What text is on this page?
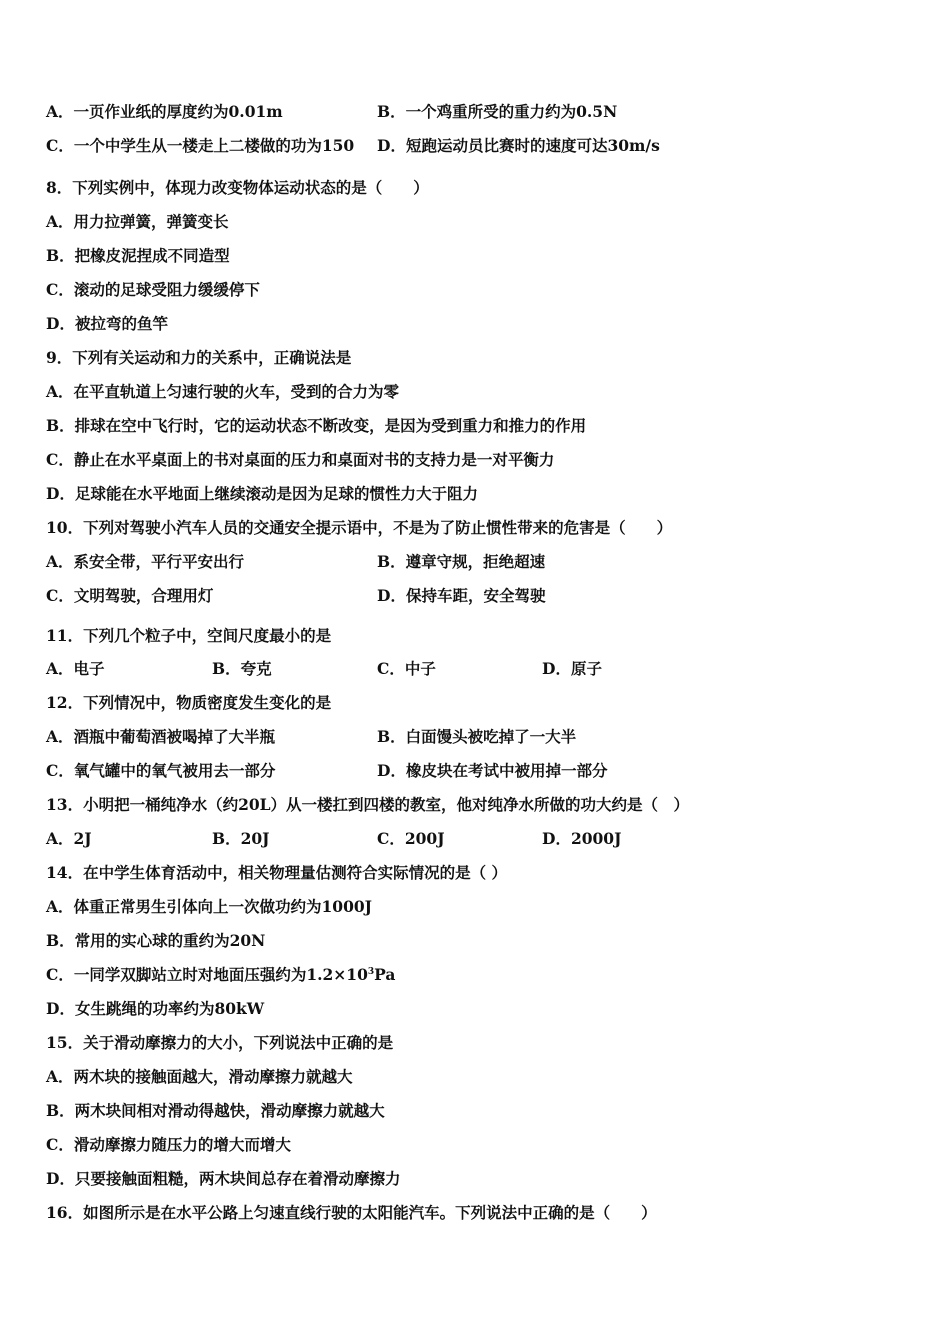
A．一页作业纸的厚度约为0.01m	B．一个鸡重所受的重力约为0.5N
C．一个中学生从一楼走上二楼做的功为150 D．短跑运动员比赛时的速度可达30m/s
8．下列实例中，体现力改变物体运动状态的是（　　）
A．用力拉弹簧，弹簧变长
B．把橡皮泥捏成不同造型
C．滚动的足球受阻力缓缓停下
D．被拉弯的鱼竿
9．下列有关运动和力的关系中，正确说法是
A．在平直轨道上匀速行驶的火车，受到的合力为零
B．排球在空中飞行时，它的运动状态不断改变，是因为受到重力和推力的作用
C．静止在水平桌面上的书对桌面的压力和桌面对书的支持力是一对平衡力
D．足球能在水平地面上继续滚动是因为足球的惯性力大于阻力
10．下列对驾驶小汽车人员的交通安全提示语中，不是为了防止惯性带来的危害是（　　）
A．系安全带，平行平安出行	B．遵章守规，拒绝超速
C．文明驾驶，合理用灯	D．保持车距，安全驾驶
11．下列几个粒子中，空间尺度最小的是
A．电子	B．夸克	C．中子	D．原子
12．下列情况中，物质密度发生变化的是
A．酒瓶中葡萄酒被喝掉了大半瓶	B．白面馒头被吃掉了一大半
C．氧气罐中的氧气被用去一部分	D．橡皮块在考试中被用掉一部分
13．小明把一桶纯净水（约20L）从一楼扛到四楼的教室，他对纯净水所做的功大约是（　）
A．2J	B．20J	C．200J	D．2000J
14．在中学生体育活动中，相关物理量估测符合实际情况的是（ ）
A．体重正常男生引体向上一次做功约为1000J
B．常用的实心球的重约为20N
C．一同学双脚站立时对地面压强约为$1.2\times 10^3Pa$
D．女生跳绳的功率约为80kW
15．关于滑动摩擦力的大小，下列说法中正确的是
A．两木块的接触面越大，滑动摩擦力就越大
B．两木块间相对滑动得越快，滑动摩擦力就越大
C．滑动摩擦力随压力的增大而增大
D．只要接触面粗糙，两木块间总存在着滑动摩擦力
16．如图所示是在水平公路上匀速直线行驶的太阳能汽车。下列说法中正确的是（　　）
